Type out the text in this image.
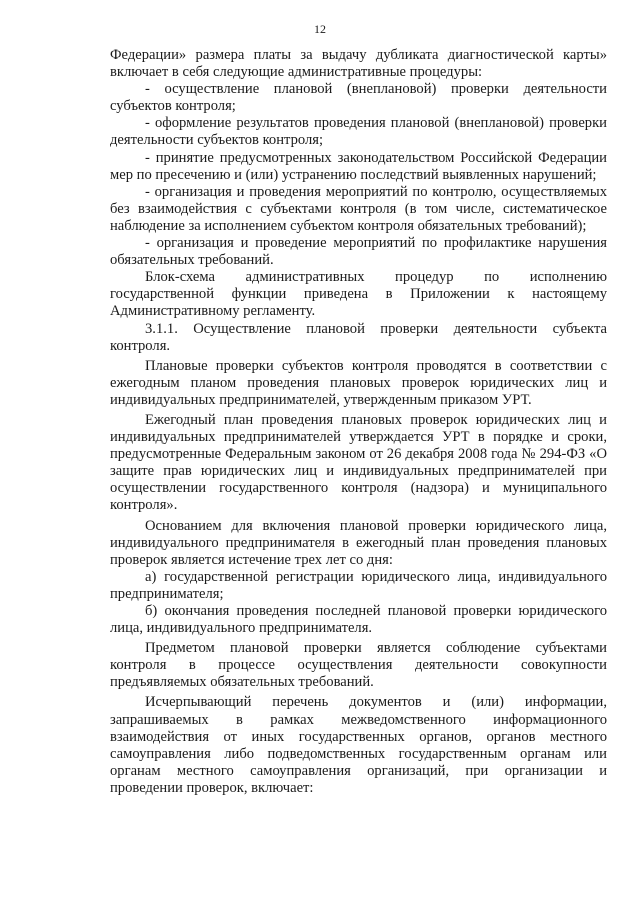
12

Федерации» размера платы за выдачу дубликата диагностической карты» включает в себя следующие административные процедуры:

- осуществление плановой (внеплановой) проверки деятельности субъектов контроля;

- оформление результатов проведения плановой (внеплановой) проверки деятельности субъектов контроля;

- принятие предусмотренных законодательством Российской Федерации мер по пресечению и (или) устранению последствий выявленных нарушений;

- организация и проведения мероприятий по контролю, осуществляемых без взаимодействия с субъектами контроля (в том числе, систематическое наблюдение за исполнением субъектом контроля обязательных требований);

- организация и проведение мероприятий по профилактике нарушения обязательных требований.

Блок-схема административных процедур по исполнению государственной функции приведена в Приложении к настоящему Административному регламенту.

3.1.1. Осуществление плановой проверки деятельности субъекта контроля.

Плановые проверки субъектов контроля проводятся в соответствии с ежегодным планом проведения плановых проверок юридических лиц и индивидуальных предпринимателей, утвержденным приказом УРТ.

Ежегодный план проведения плановых проверок юридических лиц и индивидуальных предпринимателей утверждается УРТ в порядке и сроки, предусмотренные Федеральным законом от 26 декабря 2008 года № 294-ФЗ «О защите прав юридических лиц и индивидуальных предпринимателей при осуществлении государственного контроля (надзора) и муниципального контроля».

Основанием для включения плановой проверки юридического лица, индивидуального предпринимателя в ежегодный план проведения плановых проверок является истечение трех лет со дня:

а) государственной регистрации юридического лица, индивидуального предпринимателя;

б) окончания проведения последней плановой проверки юридического лица, индивидуального предпринимателя.

Предметом плановой проверки является соблюдение субъектами контроля в процессе осуществления деятельности совокупности предъявляемых обязательных требований.

Исчерпывающий перечень документов и (или) информации, запрашиваемых в рамках межведомственного информационного взаимодействия от иных государственных органов, органов местного самоуправления либо подведомственных государственным органам или органам местного самоуправления организаций, при организации и проведении проверок, включает:
